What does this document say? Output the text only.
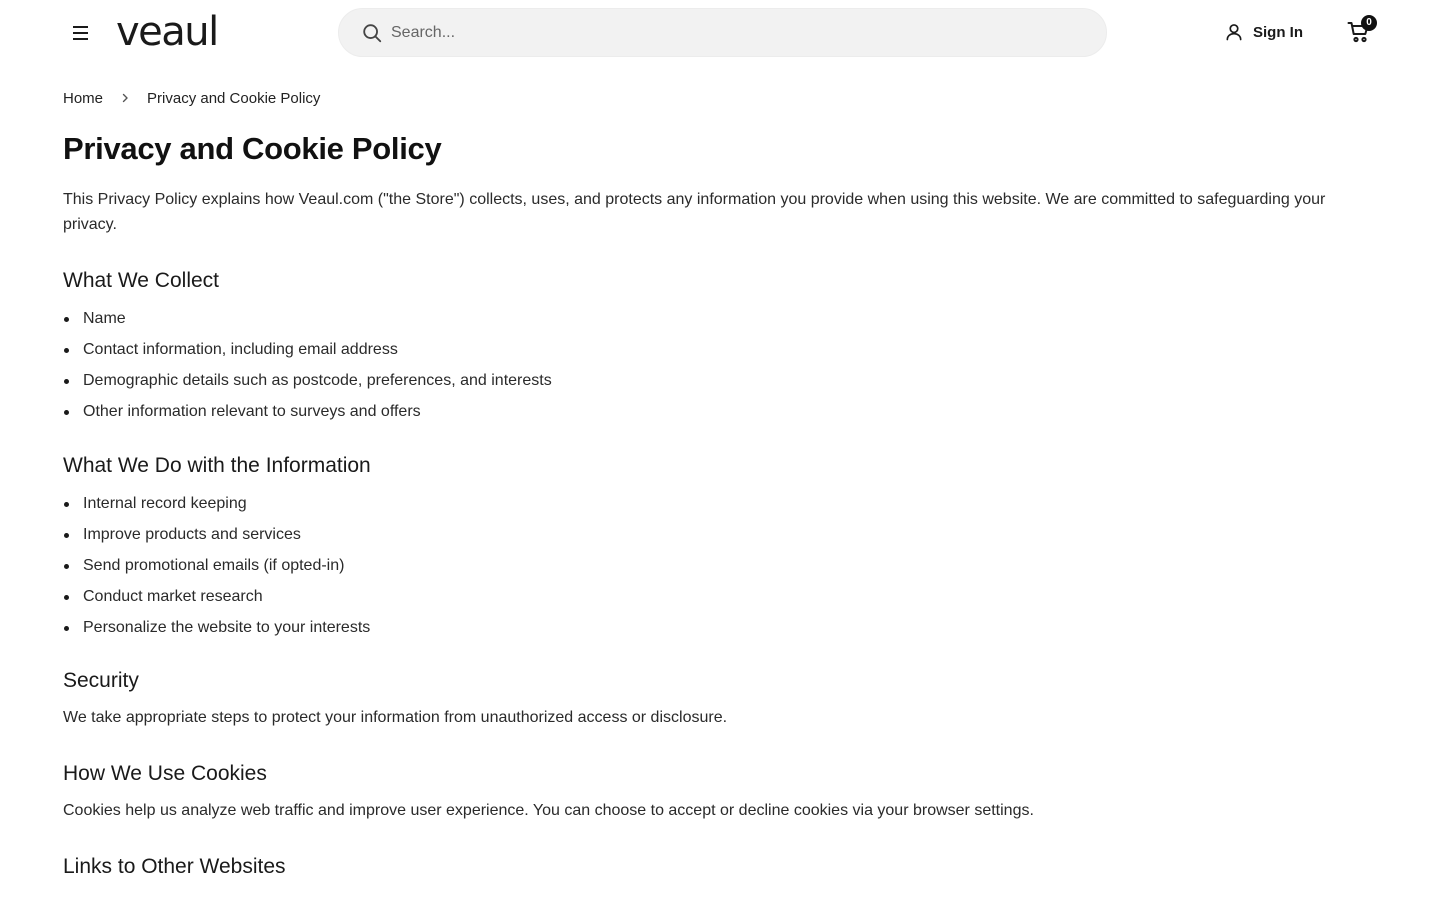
veaul
Search...	Sign In
0
Home	Privacy and Cookie Policy
Privacy and Cookie Policy

This Privacy Policy explains how Veaul.com ("the Store") collects, uses, and protects any information you provide when using this website. We are committed to safeguarding your privacy.

What We Collect
Name
Contact information, including email address
Demographic details such as postcode, preferences, and interests
Other information relevant to surveys and offers
What We Do with the Information
Internal record keeping
Improve products and services
Send promotional emails (if opted-in)
Conduct market research
Personalize the website to your interests
Security

We take appropriate steps to protect your information from unauthorized access or disclosure.

How We Use Cookies

Cookies help us analyze web traffic and improve user experience. You can choose to accept or decline cookies via your browser settings.

Links to Other Websites
